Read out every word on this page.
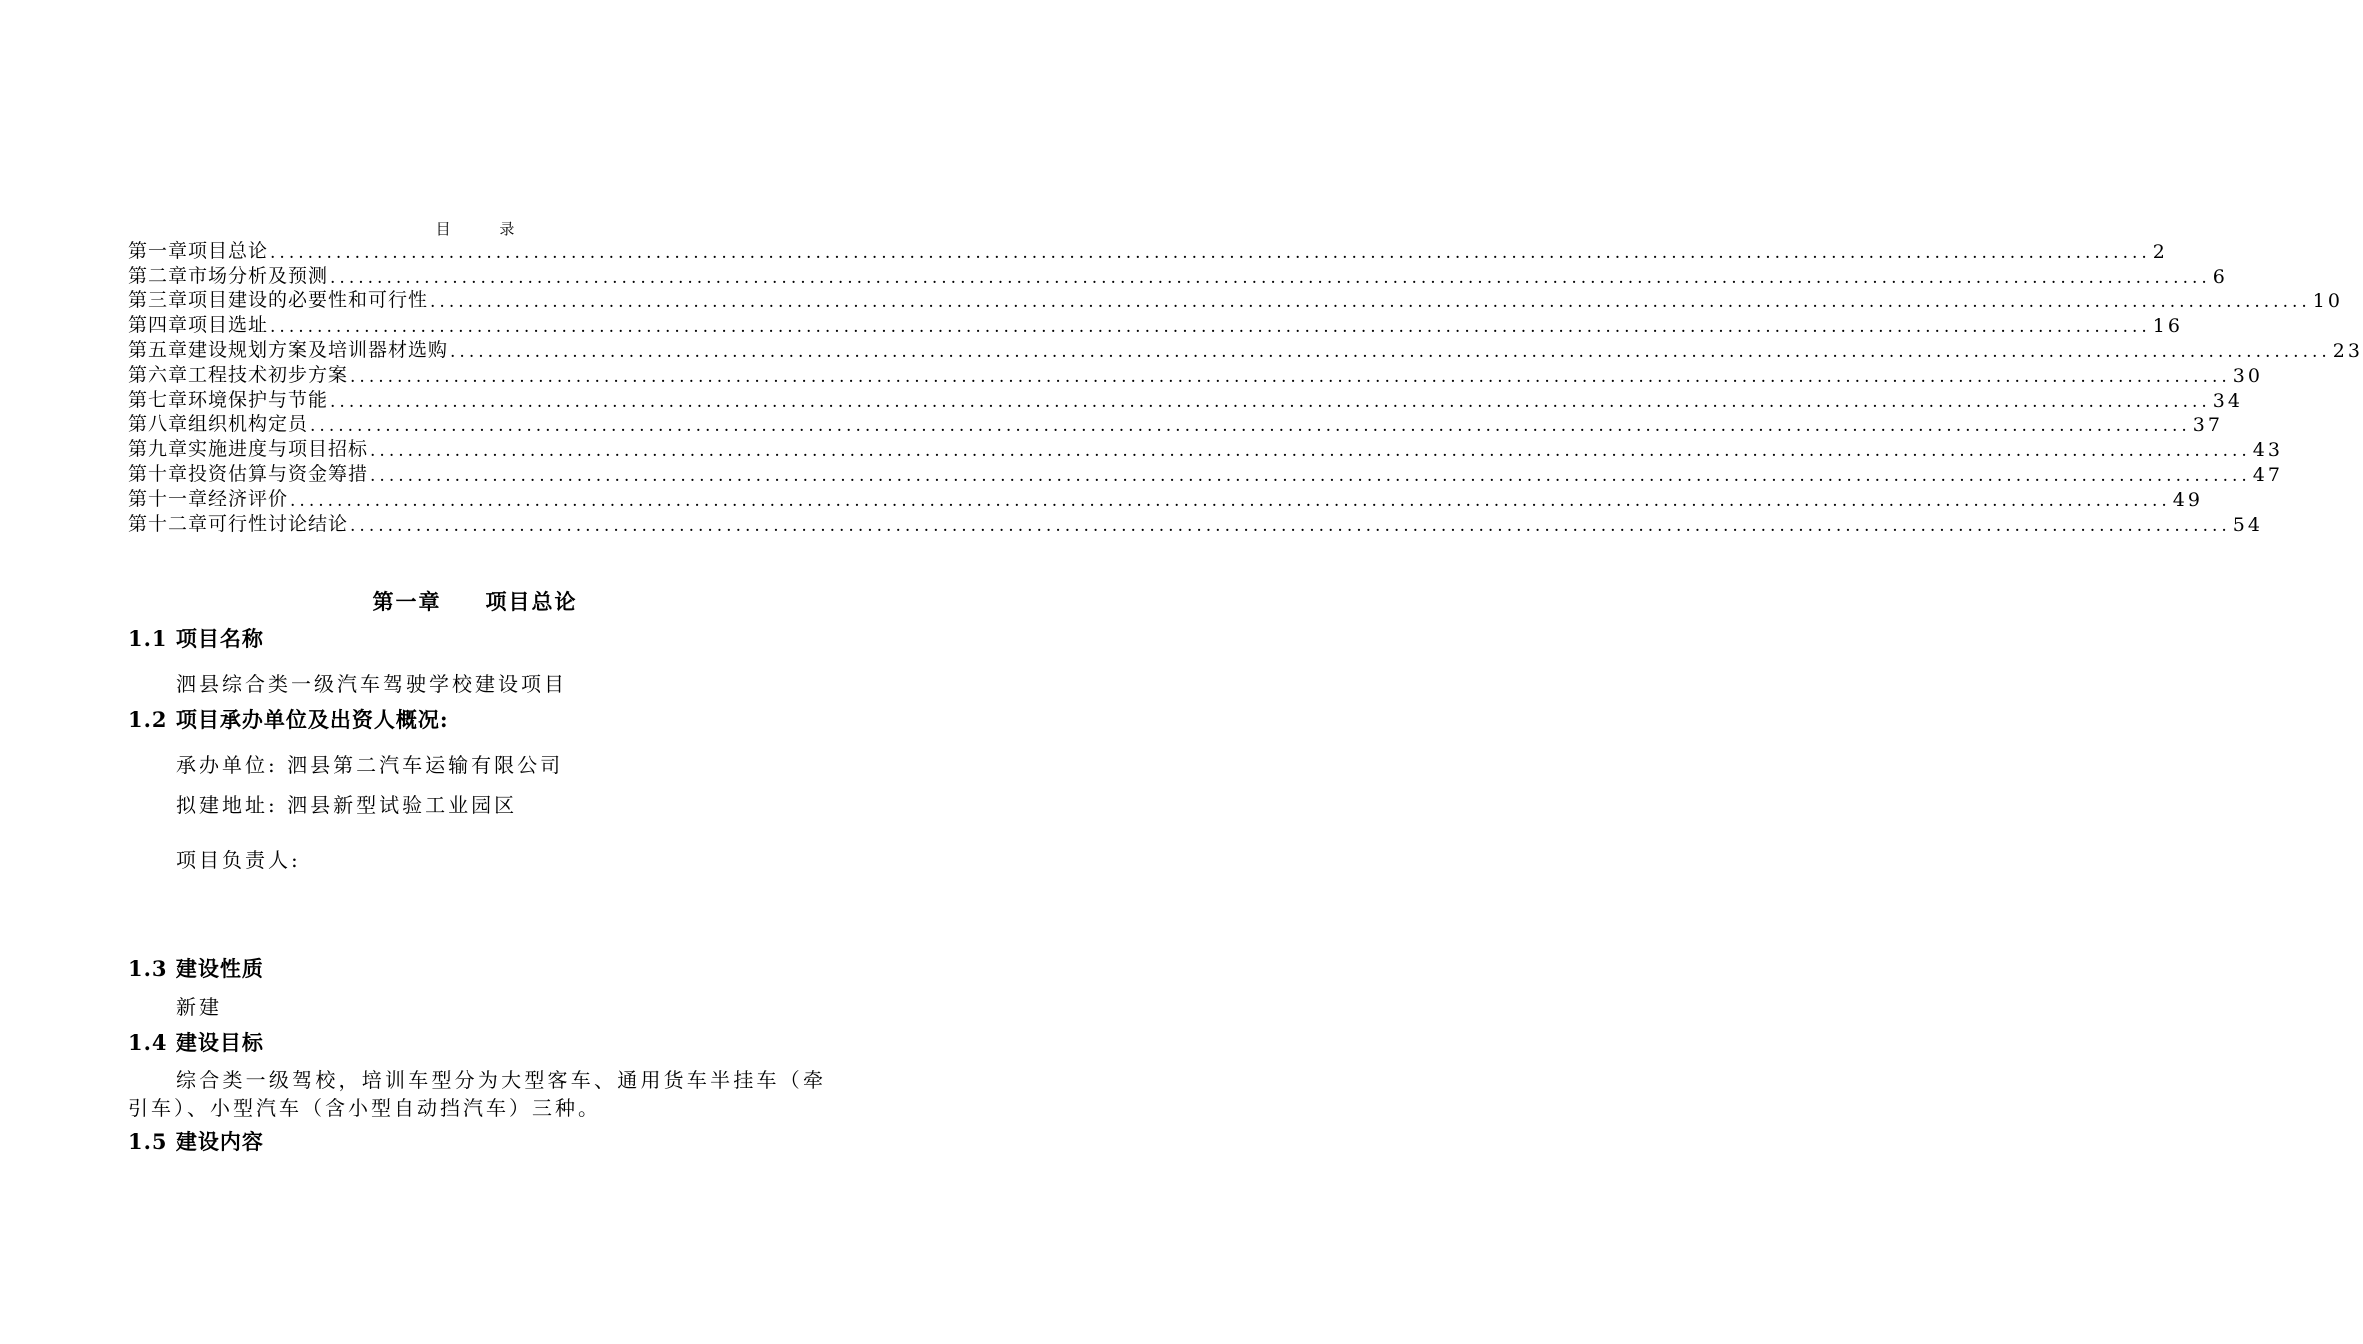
目 录
第一章 项目总论 ........................................................................................................................................................................................................ 2
第二章 市场分析及预测 ........................................................................................................................................................................................................ 6
第三章 项目建设的必要性和可行性 ........................................................................................................................................................................................................ 10
第四章 项目选址 ........................................................................................................................................................................................................ 16
第五章 建设规划方案及培训器材选购 ........................................................................................................................................................................................................ 23
第六章 工程技术初步方案 ........................................................................................................................................................................................................ 30
第七章 环境保护与节能 ........................................................................................................................................................................................................ 34
第八章 组织机构定员 ........................................................................................................................................................................................................ 37
第九章 实施进度与项目招标 ........................................................................................................................................................................................................ 43
第十章 投资估算与资金筹措 ........................................................................................................................................................................................................ 47
第十一章 经济评价 ........................................................................................................................................................................................................ 49
第十二章 可行性讨论结论 ........................................................................................................................................................................................................ 54
第一章 项目总论
1.1 项目名称
泗县综合类一级汽车驾驶学校建设项目
1.2 项目承办单位及出资人概况:
承办单位: 泗县第二汽车运输有限公司
拟建地址: 泗县新型试验工业园区
项目负责人:
1.3 建设性质
新建
1.4 建设目标
综合类一级驾校，培训车型分为大型客车、通用货车半挂车（牵引车）、小型汽车（含小型自动挡汽车）三种。
1.5 建设内容
